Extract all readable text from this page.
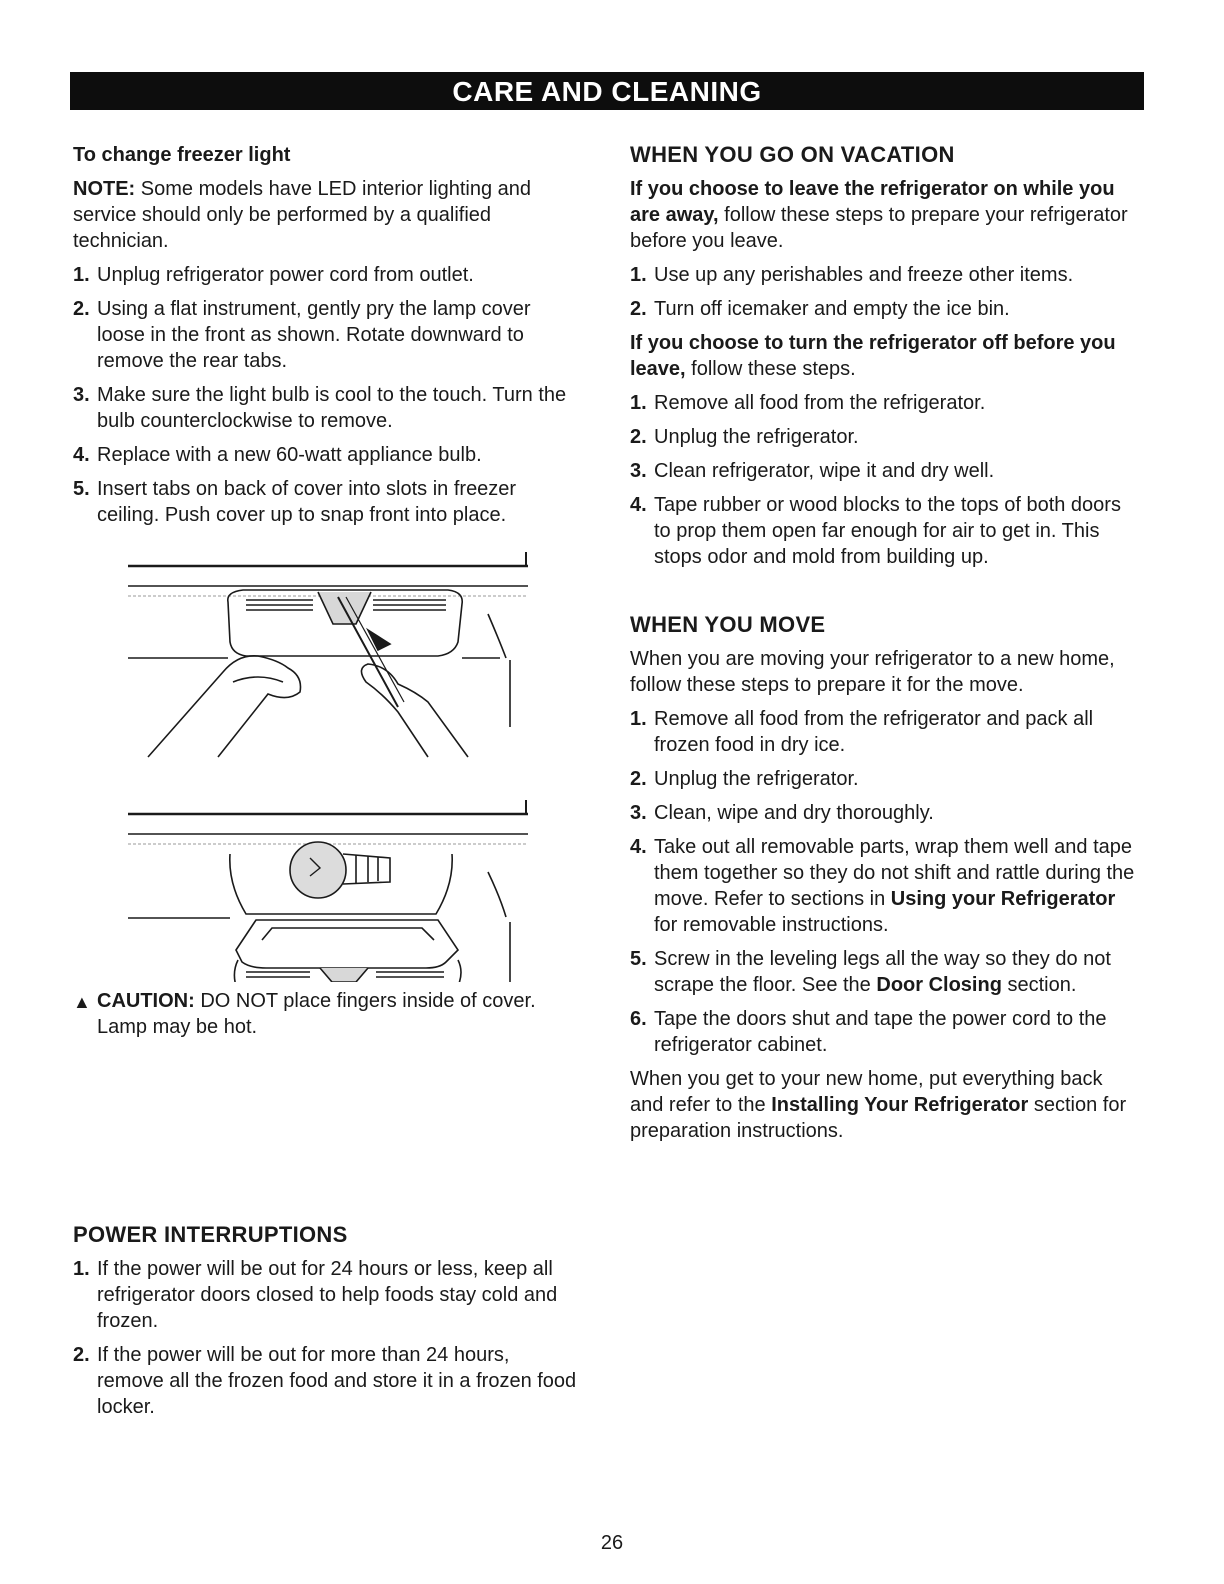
CARE AND CLEANING
To change freezer light

NOTE: Some models have LED interior lighting and service should only be performed by a qualified technician.

1. Unplug refrigerator power cord from outlet.
2. Using a flat instrument, gently pry the lamp cover loose in the front as shown. Rotate downward to remove the rear tabs.
3. Make sure the light bulb is cool to the touch. Turn the bulb counterclockwise to remove.
4. Replace with a new 60-watt appliance bulb.
5. Insert tabs on back of cover into slots in freezer ceiling. Push cover up to snap front into place.
▲ CAUTION: DO NOT place fingers inside of cover. Lamp may be hot.
POWER INTERRUPTIONS
1. If the power will be out for 24 hours or less, keep all refrigerator doors closed to help foods stay cold and frozen.
2. If the power will be out for more than 24 hours, remove all the frozen food and store it in a frozen food locker.
WHEN YOU GO ON VACATION

If you choose to leave the refrigerator on while you are away, follow these steps to prepare your refrigerator before you leave.

1. Use up any perishables and freeze other items.
2. Turn off icemaker and empty the ice bin.

If you choose to turn the refrigerator off before you leave, follow these steps.

1. Remove all food from the refrigerator.
2. Unplug the refrigerator.
3. Clean refrigerator, wipe it and dry well.
4. Tape rubber or wood blocks to the tops of both doors to prop them open far enough for air to get in. This stops odor and mold from building up.
WHEN YOU MOVE

When you are moving your refrigerator to a new home, follow these steps to prepare it for the move.

1. Remove all food from the refrigerator and pack all frozen food in dry ice.
2. Unplug the refrigerator.
3. Clean, wipe and dry thoroughly.
4. Take out all removable parts, wrap them well and tape them together so they do not shift and rattle during the move. Refer to sections in Using your Refrigerator for removable instructions.
5. Screw in the leveling legs all the way so they do not scrape the floor. See the Door Closing section.
6. Tape the doors shut and tape the power cord to the refrigerator cabinet.

When you get to your new home, put everything back and refer to the Installing Your Refrigerator section for preparation instructions.

26
